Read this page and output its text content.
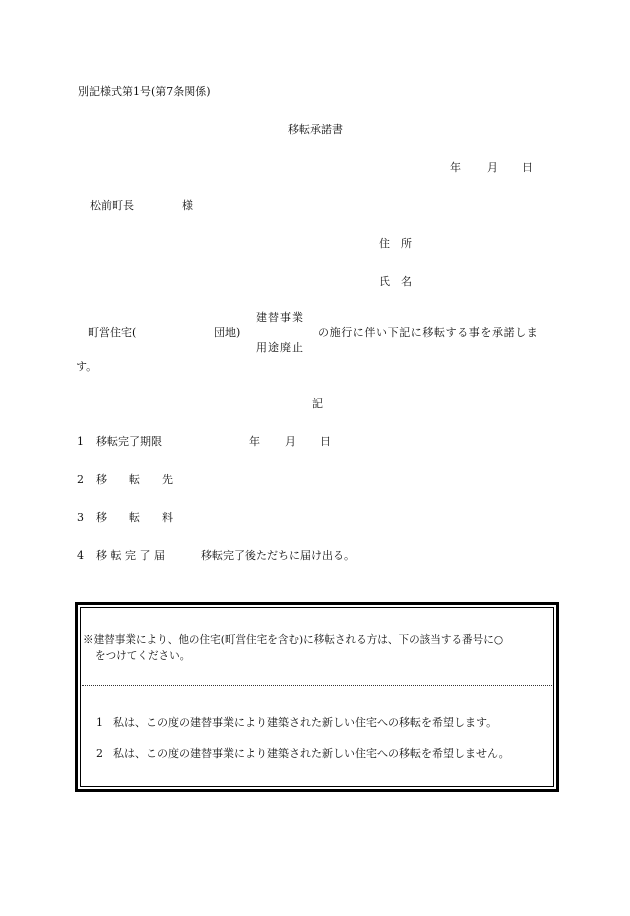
別記様式第1号(第7条関係)
移転承諾書
年 月 日
松前町長	様
住　所
氏　名
建替事業
町営住宅(	団地)	の施行に伴い下記に移転する事を承諾しま
用途廃止
す。
記
1 移転完了期限	年 月 日
2 移　　転　　先
3 移　　転　　料
4 移 転 完 了 届	移転完了後ただちに届け出る。
※建替事業により、他の住宅(町営住宅を含む)に移転される方は、下の該当する番号に○
をつけてください。
1 私は、この度の建替事業により建築された新しい住宅への移転を希望します。
2 私は、この度の建替事業により建築された新しい住宅への移転を希望しません。
